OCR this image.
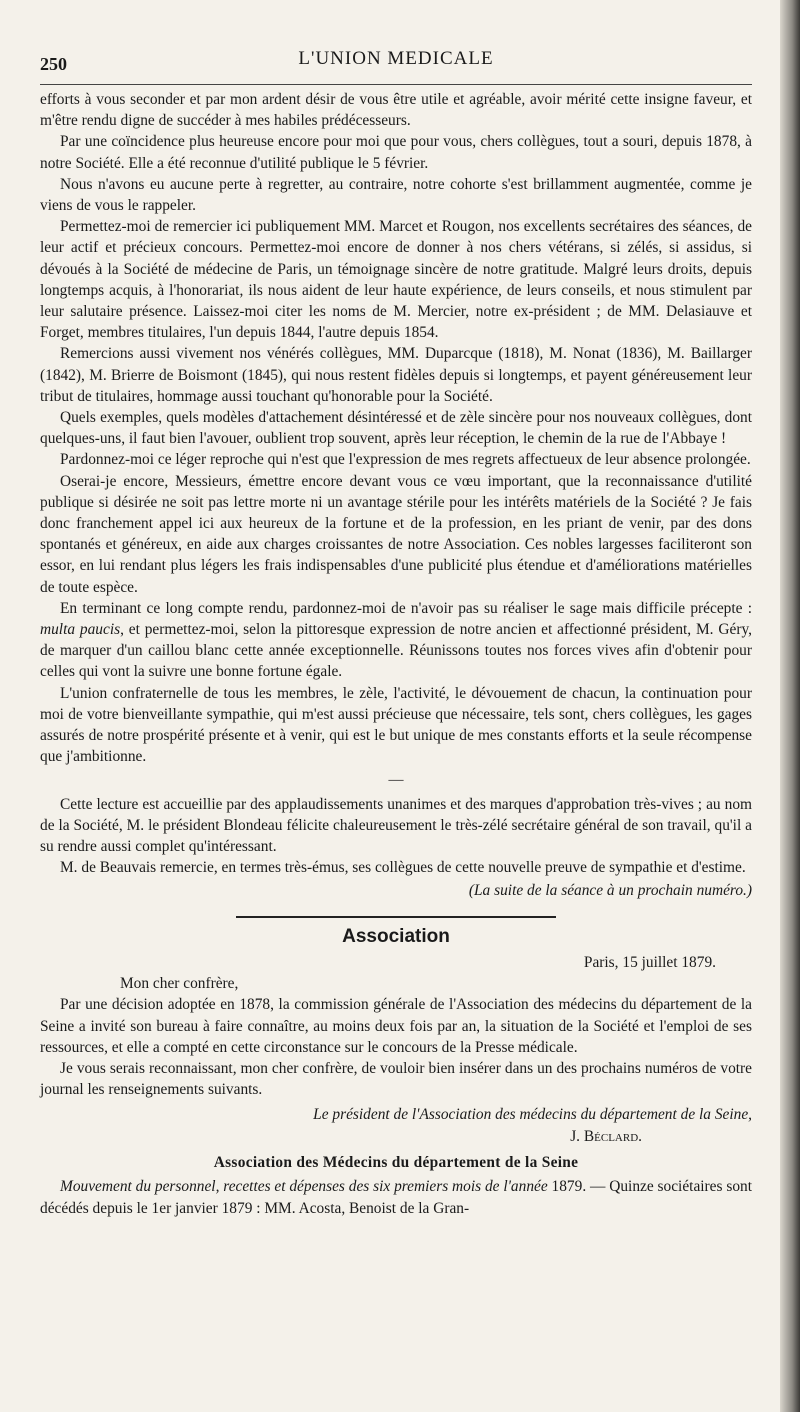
250	L'UNION MEDICALE

efforts à vous seconder et par mon ardent désir de vous être utile et agréable, avoir mérité cette insigne faveur, et m'être rendu digne de succéder à mes habiles prédécesseurs.

Par une coïncidence plus heureuse encore pour moi que pour vous, chers collègues, tout a souri, depuis 1878, à notre Société. Elle a été reconnue d'utilité publique le 5 février.

Nous n'avons eu aucune perte à regretter, au contraire, notre cohorte s'est brillamment augmentée, comme je viens de vous le rappeler.

Permettez-moi de remercier ici publiquement MM. Marcet et Rougon, nos excellents secrétaires des séances, de leur actif et précieux concours. Permettez-moi encore de donner à nos chers vétérans, si zélés, si assidus, si dévoués à la Société de médecine de Paris, un témoignage sincère de notre gratitude. Malgré leurs droits, depuis longtemps acquis, à l'honorariat, ils nous aident de leur haute expérience, de leurs conseils, et nous stimulent par leur salutaire présence. Laissez-moi citer les noms de M. Mercier, notre ex-président ; de MM. Delasiauve et Forget, membres titulaires, l'un depuis 1844, l'autre depuis 1854.

Remercions aussi vivement nos vénérés collègues, MM. Duparcque (1818), M. Nonat (1836), M. Baillarger (1842), M. Brierre de Boismont (1845), qui nous restent fidèles depuis si longtemps, et payent généreusement leur tribut de titulaires, hommage aussi touchant qu'honorable pour la Société.

Quels exemples, quels modèles d'attachement désintéressé et de zèle sincère pour nos nouveaux collègues, dont quelques-uns, il faut bien l'avouer, oublient trop souvent, après leur réception, le chemin de la rue de l'Abbaye !

Pardonnez-moi ce léger reproche qui n'est que l'expression de mes regrets affectueux de leur absence prolongée.

Oserai-je encore, Messieurs, émettre encore devant vous ce vœu important, que la reconnaissance d'utilité publique si désirée ne soit pas lettre morte ni un avantage stérile pour les intérêts matériels de la Société ? Je fais donc franchement appel ici aux heureux de la fortune et de la profession, en les priant de venir, par des dons spontanés et généreux, en aide aux charges croissantes de notre Association. Ces nobles largesses faciliteront son essor, en lui rendant plus légers les frais indispensables d'une publicité plus étendue et d'améliorations matérielles de toute espèce.

En terminant ce long compte rendu, pardonnez-moi de n'avoir pas su réaliser le sage mais difficile précepte : multa paucis, et permettez-moi, selon la pittoresque expression de notre ancien et affectionné président, M. Géry, de marquer d'un caillou blanc cette année exceptionnelle. Réunissons toutes nos forces vives afin d'obtenir pour celles qui vont la suivre une bonne fortune égale.

L'union confraternelle de tous les membres, le zèle, l'activité, le dévouement de chacun, la continuation pour moi de votre bienveillante sympathie, qui m'est aussi précieuse que nécessaire, tels sont, chers collègues, les gages assurés de notre prospérité présente et à venir, qui est le but unique de mes constants efforts et la seule récompense que j'ambitionne.

—

Cette lecture est accueillie par des applaudissements unanimes et des marques d'approbation très-vives ; au nom de la Société, M. le président Blondeau félicite chaleureusement le très-zélé secrétaire général de son travail, qu'il a su rendre aussi complet qu'intéressant.

M. de Beauvais remercie, en termes très-émus, ses collègues de cette nouvelle preuve de sympathie et d'estime.

(La suite de la séance à un prochain numéro.)
Association
Paris, 15 juillet 1879.
Mon cher confrère,

Par une décision adoptée en 1878, la commission générale de l'Association des médecins du département de la Seine a invité son bureau à faire connaître, au moins deux fois par an, la situation de la Société et l'emploi de ses ressources, et elle a compté en cette circonstance sur le concours de la Presse médicale.

Je vous serais reconnaissant, mon cher confrère, de vouloir bien insérer dans un des prochains numéros de votre journal les renseignements suivants.

Le président de l'Association des médecins du département de la Seine,
J. Béclard.
Association des Médecins du département de la Seine

Mouvement du personnel, recettes et dépenses des six premiers mois de l'année 1879. — Quinze sociétaires sont décédés depuis le 1er janvier 1879 : MM. Acosta, Benoist de la Gran-
